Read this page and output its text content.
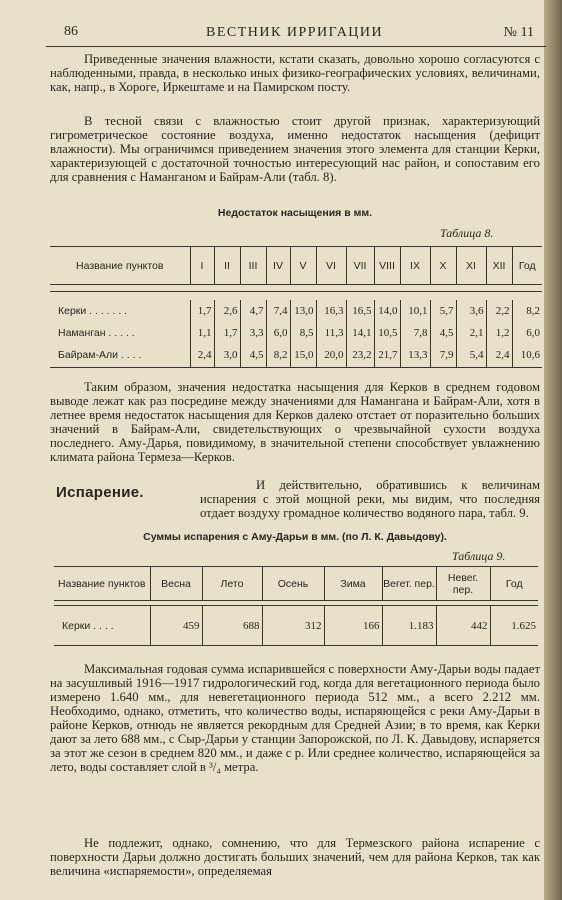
86	ВЕСТНИК ИРРИГАЦИИ	№ 11

Приведенные значения влажности, кстати сказать, довольно хорошо согласуются с наблюденными, правда, в несколько иных физико-географических условиях, величинами, как, напр., в Хороге, Иркештаме и на Памирском посту.

В тесной связи с влажностью стоит другой признак, характеризующий гигрометрическое состояние воздуха, именно недостаток насыщения (дефицит влажности). Мы ограничимся приведением значения этого элемента для станции Керки, характеризующей с достаточной точностью интересующий нас район, и сопоставим его для сравнения с Наманганом и Байрам-Али (табл. 8).

Недостаток насыщения в мм.
Таблица 8.
Название пунктов	I	II	III	IV	V	VI	VII	VIII	IX	X	XI	XII	Год

Керки . . . . . . .	1,7	2,6	4,7	7,4	13,0	16,3	16,5	14,0	10,1	5,7	3,6	2,2	8,2
Наманган . . . . .	1,1	1,7	3,3	6,0	8,5	11,3	14,1	10,5	7,8	4,5	2,1	1,2	6,0
Байрам-Али . . . .	2,4	3,0	4,5	8,2	15,0	20,0	23,2	21,7	13,3	7,9	5,4	2,4	10,6

Таким образом, значения недостатка насыщения для Керков в среднем годовом выводе лежат как раз посредине между значениями для Намангана и Байрам-Али, хотя в летнее время недостаток насыщения для Керков далеко отстает от поразительно больших значений в Байрам-Али, свидетельствующих о чрезвычайной сухости воздуха последнего. Аму-Дарья, повидимому, в значительной степени способствует увлажнению климата района Термеза—Керков.

Испарение.	И действительно, обратившись к величинам испарения с этой мощной реки, мы видим, что последняя отдает воздуху громадное количество водяного пара, табл. 9.

Суммы испарения с Аму-Дарьи в мм. (по Л. К. Давыдову).
Таблица 9.
Название пунктов	Весна	Лето	Осень	Зима	Вегет. пер.	Невег. пер.	Год

Керки . . . .	459	688	312	166	1.183	442	1.625

Максимальная годовая сумма испарившейся с поверхности Аму-Дарьи воды падает на засушливый 1916—1917 гидрологический год, когда для вегетационного периода было измерено 1.640 мм., для невегетационного периода 512 мм., а всего 2.212 мм. Необходимо, однако, отметить, что количество воды, испаряющейся с реки Аму-Дарьи в районе Керков, отнюдь не является рекордным для Средней Азии; в то время, как Керки дают за лето 688 мм., с Сыр-Дарьи у станции Запорожской, по Л. К. Давыдову, испаряется за этот же сезон в среднем 820 мм., и даже с р. Или среднее количество, испаряющейся за лето, воды составляет слой в ³/₄ метра.

Не подлежит, однако, сомнению, что для Термезского района испарение с поверхности Дарьи должно достигать больших значений, чем для района Керков, так как величина «испаряемости», определяемая
